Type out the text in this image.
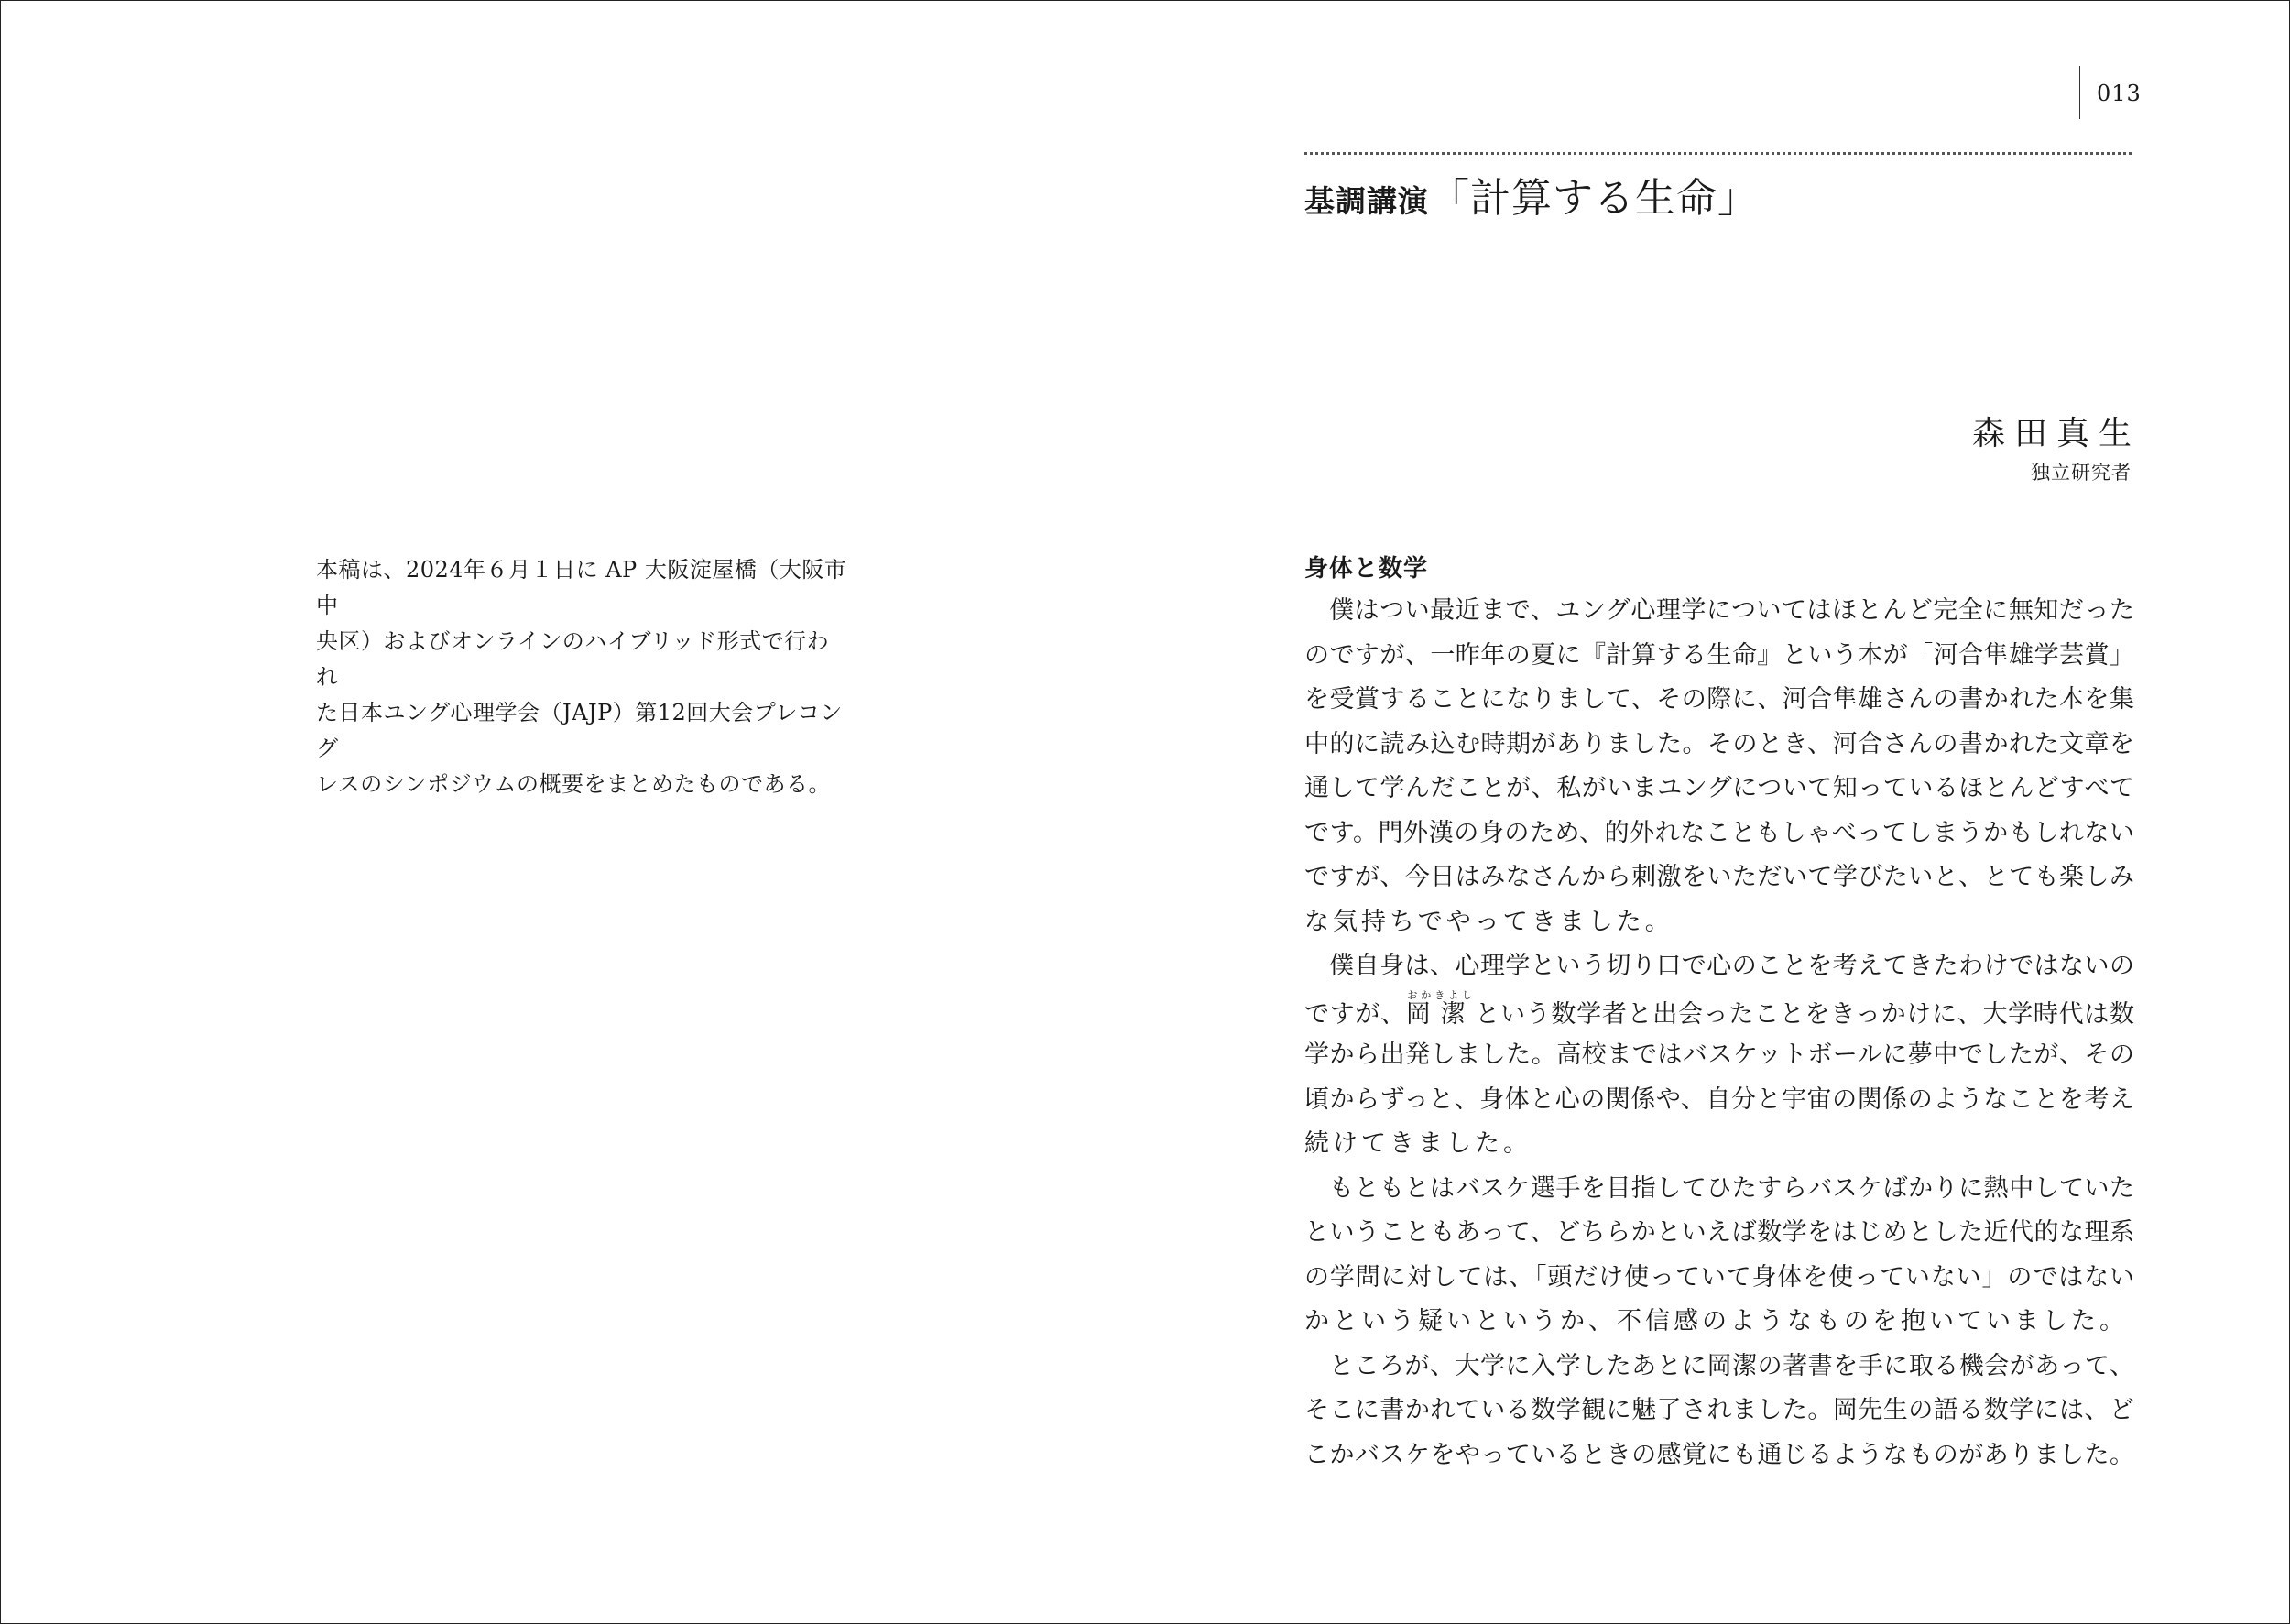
本稿は、2024年６月１日に AP 大阪淀屋橋（大阪市中

央区）およびオンラインのハイブリッド形式で行われ

た日本ユング心理学会（JAJP）第12回大会プレコング

レスのシンポジウムの概要をまとめたものである。

013
基調講演「計算する生命」
森田真生
独立研究者
身体と数学
僕はつい最近まで、ユング心理学についてはほとんど完全に無知だった
のですが、一昨年の夏に『計算する生命』という本が「河合隼雄学芸賞」
を受賞することになりまして、その際に、河合隼雄さんの書かれた本を集
中的に読み込む時期がありました。そのとき、河合さんの書かれた文章を
通して学んだことが、私がいまユングについて知っているほとんどすべて
です。門外漢の身のため、的外れなこともしゃべってしまうかもしれない
ですが、今日はみなさんから刺激をいただいて学びたいと、とても楽しみ
な気持ちでやってきました。
僕自身は、心理学という切り口で心のことを考えてきたわけではないの
ですが、岡潔おかきよしという数学者と出会ったことをきっかけに、大学時代は数
学から出発しました。高校まではバスケットボールに夢中でしたが、その
頃からずっと、身体と心の関係や、自分と宇宙の関係のようなことを考え
続けてきました。
もともとはバスケ選手を目指してひたすらバスケばかりに熱中していた
ということもあって、どちらかといえば数学をはじめとした近代的な理系
の学問に対しては、「頭だけ使っていて身体を使っていない」のではない
かという疑いというか、不信感のようなものを抱いていました。
ところが、大学に入学したあとに岡潔の著書を手に取る機会があって、
そこに書かれている数学観に魅了されました。岡先生の語る数学には、ど
こかバスケをやっているときの感覚にも通じるようなものがありました。
